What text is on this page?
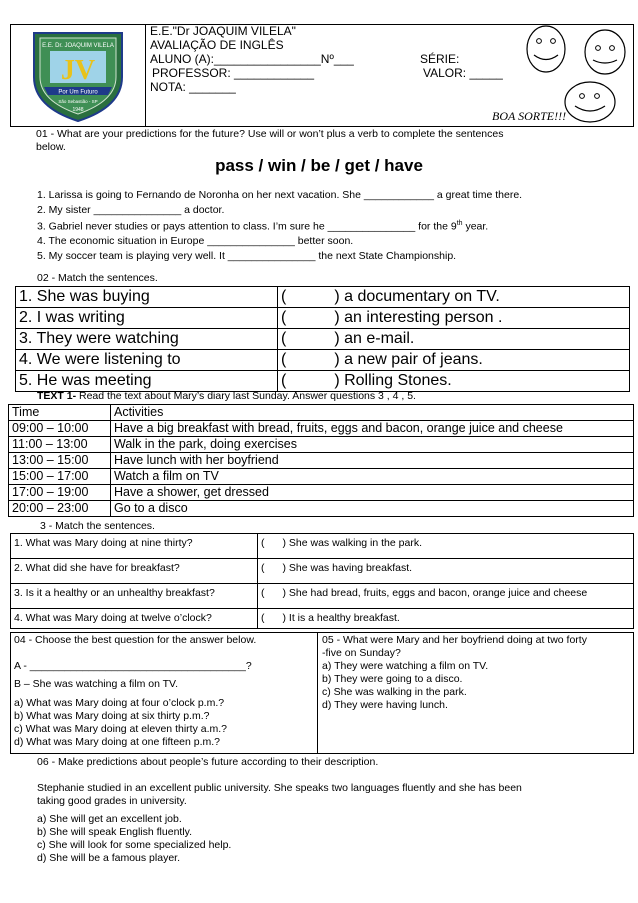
E.E. Dr. JOAQUIM VILELA
JV
Por Um Futuro
São Sebastião - SP
1948
E.E."Dr JOAQUIM VILELA"
AVALIAÇÃO DE INGLÊS
ALUNO (A):________________Nº___
PROFESSOR: ____________
NOTA: _______
SÉRIE:
VALOR: _____
BOA SORTE!!!
01 - What are your predictions for the future? Use will or won’t plus a verb to complete the sentences
below.
pass / win / be / get / have
1. Larissa is going to Fernando de Noronha on her next vacation. She ____________ a great time there.
2. My sister _______________ a doctor.
3. Gabriel never studies or pays attention to class. I’m sure he _______________ for the 9th year.
4. The economic situation in Europe _______________ better soon.
5. My soccer team is playing very well. It _______________ the next State Championship.
02 - Match the sentences.
1. She was buying	( ) a documentary on TV.
2. I was writing	( ) an interesting person .
3. They were watching	( ) an e-mail.
4. We were listening to	( ) a new pair of jeans.
5. He was meeting	( ) Rolling Stones.
TEXT 1- Read the text about Mary’s diary last Sunday. Answer questions 3 , 4 , 5.
Time	Activities
09:00 – 10:00	Have a big breakfast with bread, fruits, eggs and bacon, orange juice and cheese
11:00 – 13:00	Walk in the park, doing exercises
13:00 – 15:00	Have lunch with her boyfriend
15:00 – 17:00	Watch a film on TV
17:00 – 19:00	Have a shower, get dressed
20:00 – 23:00	Go to a disco
3 - Match the sentences.
1. What was Mary doing at nine thirty?	( ) She was walking in the park.
2. What did she have for breakfast?	( ) She was having breakfast.
3. Is it a healthy or an unhealthy breakfast?	( ) She had bread, fruits, eggs and bacon, orange juice and cheese
4. What was Mary doing at twelve o’clock?	( ) It is a healthy breakfast.
04 - Choose the best question for the answer below.
A - _____________________________________?
B – She was watching a film on TV.
a) What was Mary doing at four o’clock p.m.?
b) What was Mary doing at six thirty p.m.?
c) What was Mary doing at eleven thirty a.m.?
d) What was Mary doing at one fifteen p.m.?
05 - What were Mary and her boyfriend doing at two forty
-five on Sunday?
a) They were watching a film on TV.
b) They were going to a disco.
c) She was walking in the park.
d) They were having lunch.
06 - Make predictions about people’s future according to their description.
Stephanie studied in an excellent public university. She speaks two languages fluently and she has been
taking good grades in university.
a) She will get an excellent job.
b) She will speak English fluently.
c) She will look for some specialized help.
d) She will be a famous player.
